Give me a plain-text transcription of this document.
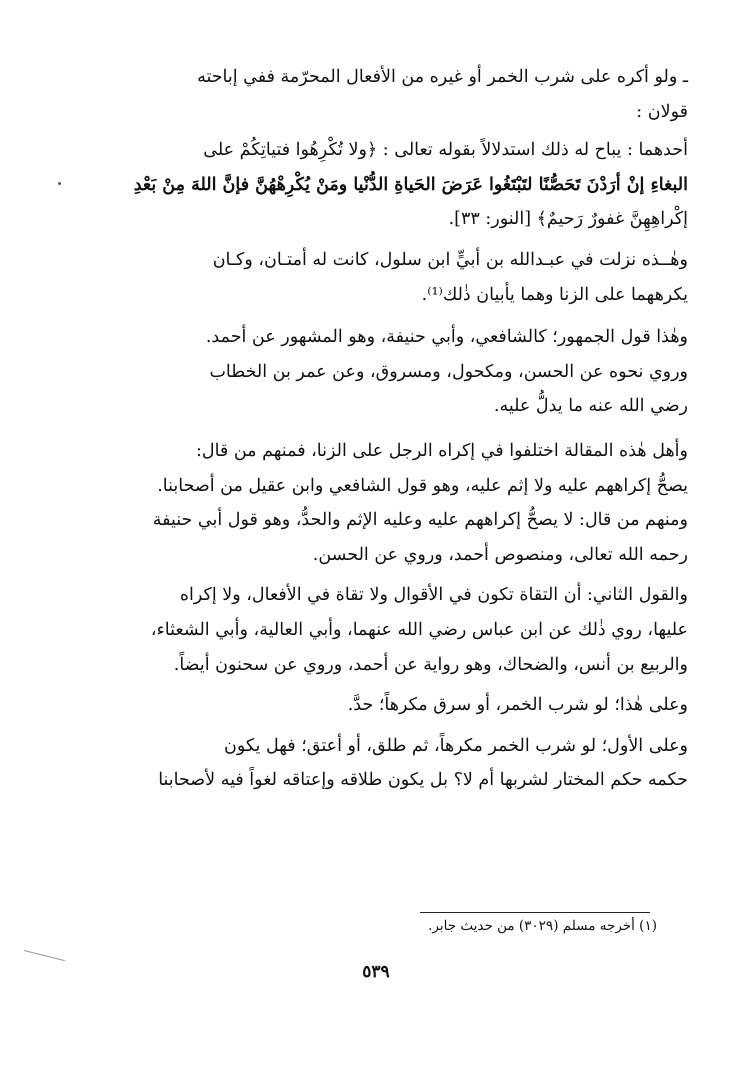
ـ ولو أكره على شرب الخمر أو غيره من الأفعال المحرّمة ففي إباحته
قولان :
أحدهما : يباح له ذلك استدلالاً بقوله تعالى : ﴿ولا تُكْرِهُوا فتياتِكُمْ على
البغاءِ إنْ أرَدْنَ تَحَصُّنًا لتَبْتَغُوا عَرَضَ الحَياةِ الدُّنْيا ومَنْ يُكْرِهْهُنَّ فإنَّ اللهَ مِنْ بَعْدِ
إكْراهِهِنَّ غفورٌ رَحيمٌ﴾ [النور: ٣٣].
وهٰــذه نزلت في عبـدالله بن أبيٍّ ابن سلول، كانت له أمتـان، وكـان
يكرههما على الزنا وهما يأبيان ذٰلك⁽¹⁾.
وهٰذا قول الجمهور؛ كالشافعي، وأبي حنيفة، وهو المشهور عن أحمد.
وروي نحوه عن الحسن، ومكحول، ومسروق، وعن عمر بن الخطاب
رضي الله عنه ما يدلُّ عليه.
وأهل هٰذه المقالة اختلفوا في إكراه الرجل على الزنا، فمنهم من قال:
يصحُّ إكراههم عليه ولا إثم عليه، وهو قول الشافعي وابن عقيل من أصحابنا.
ومنهم من قال: لا يصحُّ إكراههم عليه وعليه الإثم والحدُّ، وهو قول أبي حنيفة
رحمه الله تعالى، ومنصوص أحمد، وروي عن الحسن.
والقول الثاني: أن التقاة تكون في الأقوال ولا تقاة في الأفعال، ولا إكراه
عليها، روي ذٰلك عن ابن عباس رضي الله عنهما، وأبي العالية، وأبي الشعثاء،
والربيع بن أنس، والضحاك، وهو رواية عن أحمد، وروي عن سحنون أيضاً.
وعلى هٰذا؛ لو شرب الخمر، أو سرق مكرهاً؛ حدَّ.
وعلى الأول؛ لو شرب الخمر مكرهاً، ثم طلق، أو أعتق؛ فهل يكون
حكمه حكم المختار لشربها أم لا؟ بل يكون طلاقه وإعتاقه لغواً فيه لأصحابنا
(١) أخرجه مسلم (٣٠٢٩) من حديث جابر.
٥٣٩
